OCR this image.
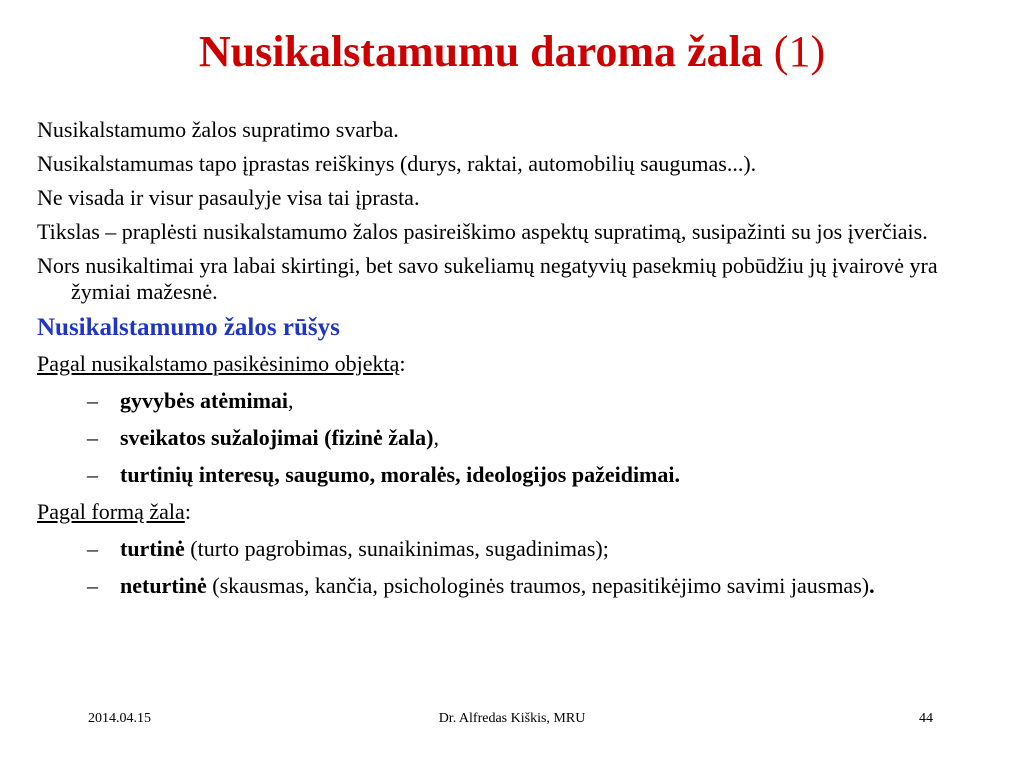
Nusikalstamumu daroma žala (1)

Nusikalstamumo žalos supratimo svarba.

Nusikalstamumas tapo įprastas reiškinys (durys, raktai, automobilių saugumas...).

Ne visada ir visur pasaulyje visa tai įprasta.

Tikslas – praplėsti nusikalstamumo žalos pasireiškimo aspektų supratimą, susipažinti su jos įverčiais.

Nors nusikaltimai yra labai skirtingi, bet savo sukeliamų negatyvių pasekmių pobūdžiu jų įvairovė yra žymiai mažesnė.

Nusikalstamumo žalos rūšys

Pagal nusikalstamo pasikėsinimo objektą:

– gyvybės atėmimai,
– sveikatos sužalojimai (fizinė žala),
– turtinių interesų, saugumo, moralės, ideologijos pažeidimai.

Pagal formą žala:

– turtinė (turto pagrobimas, sunaikinimas, sugadinimas);
– neturtinė (skausmas, kančia, psichologinės traumos, nepasitikėjimo savimi jausmas).
2014.04.15	Dr. Alfredas Kiškis, MRU	44
